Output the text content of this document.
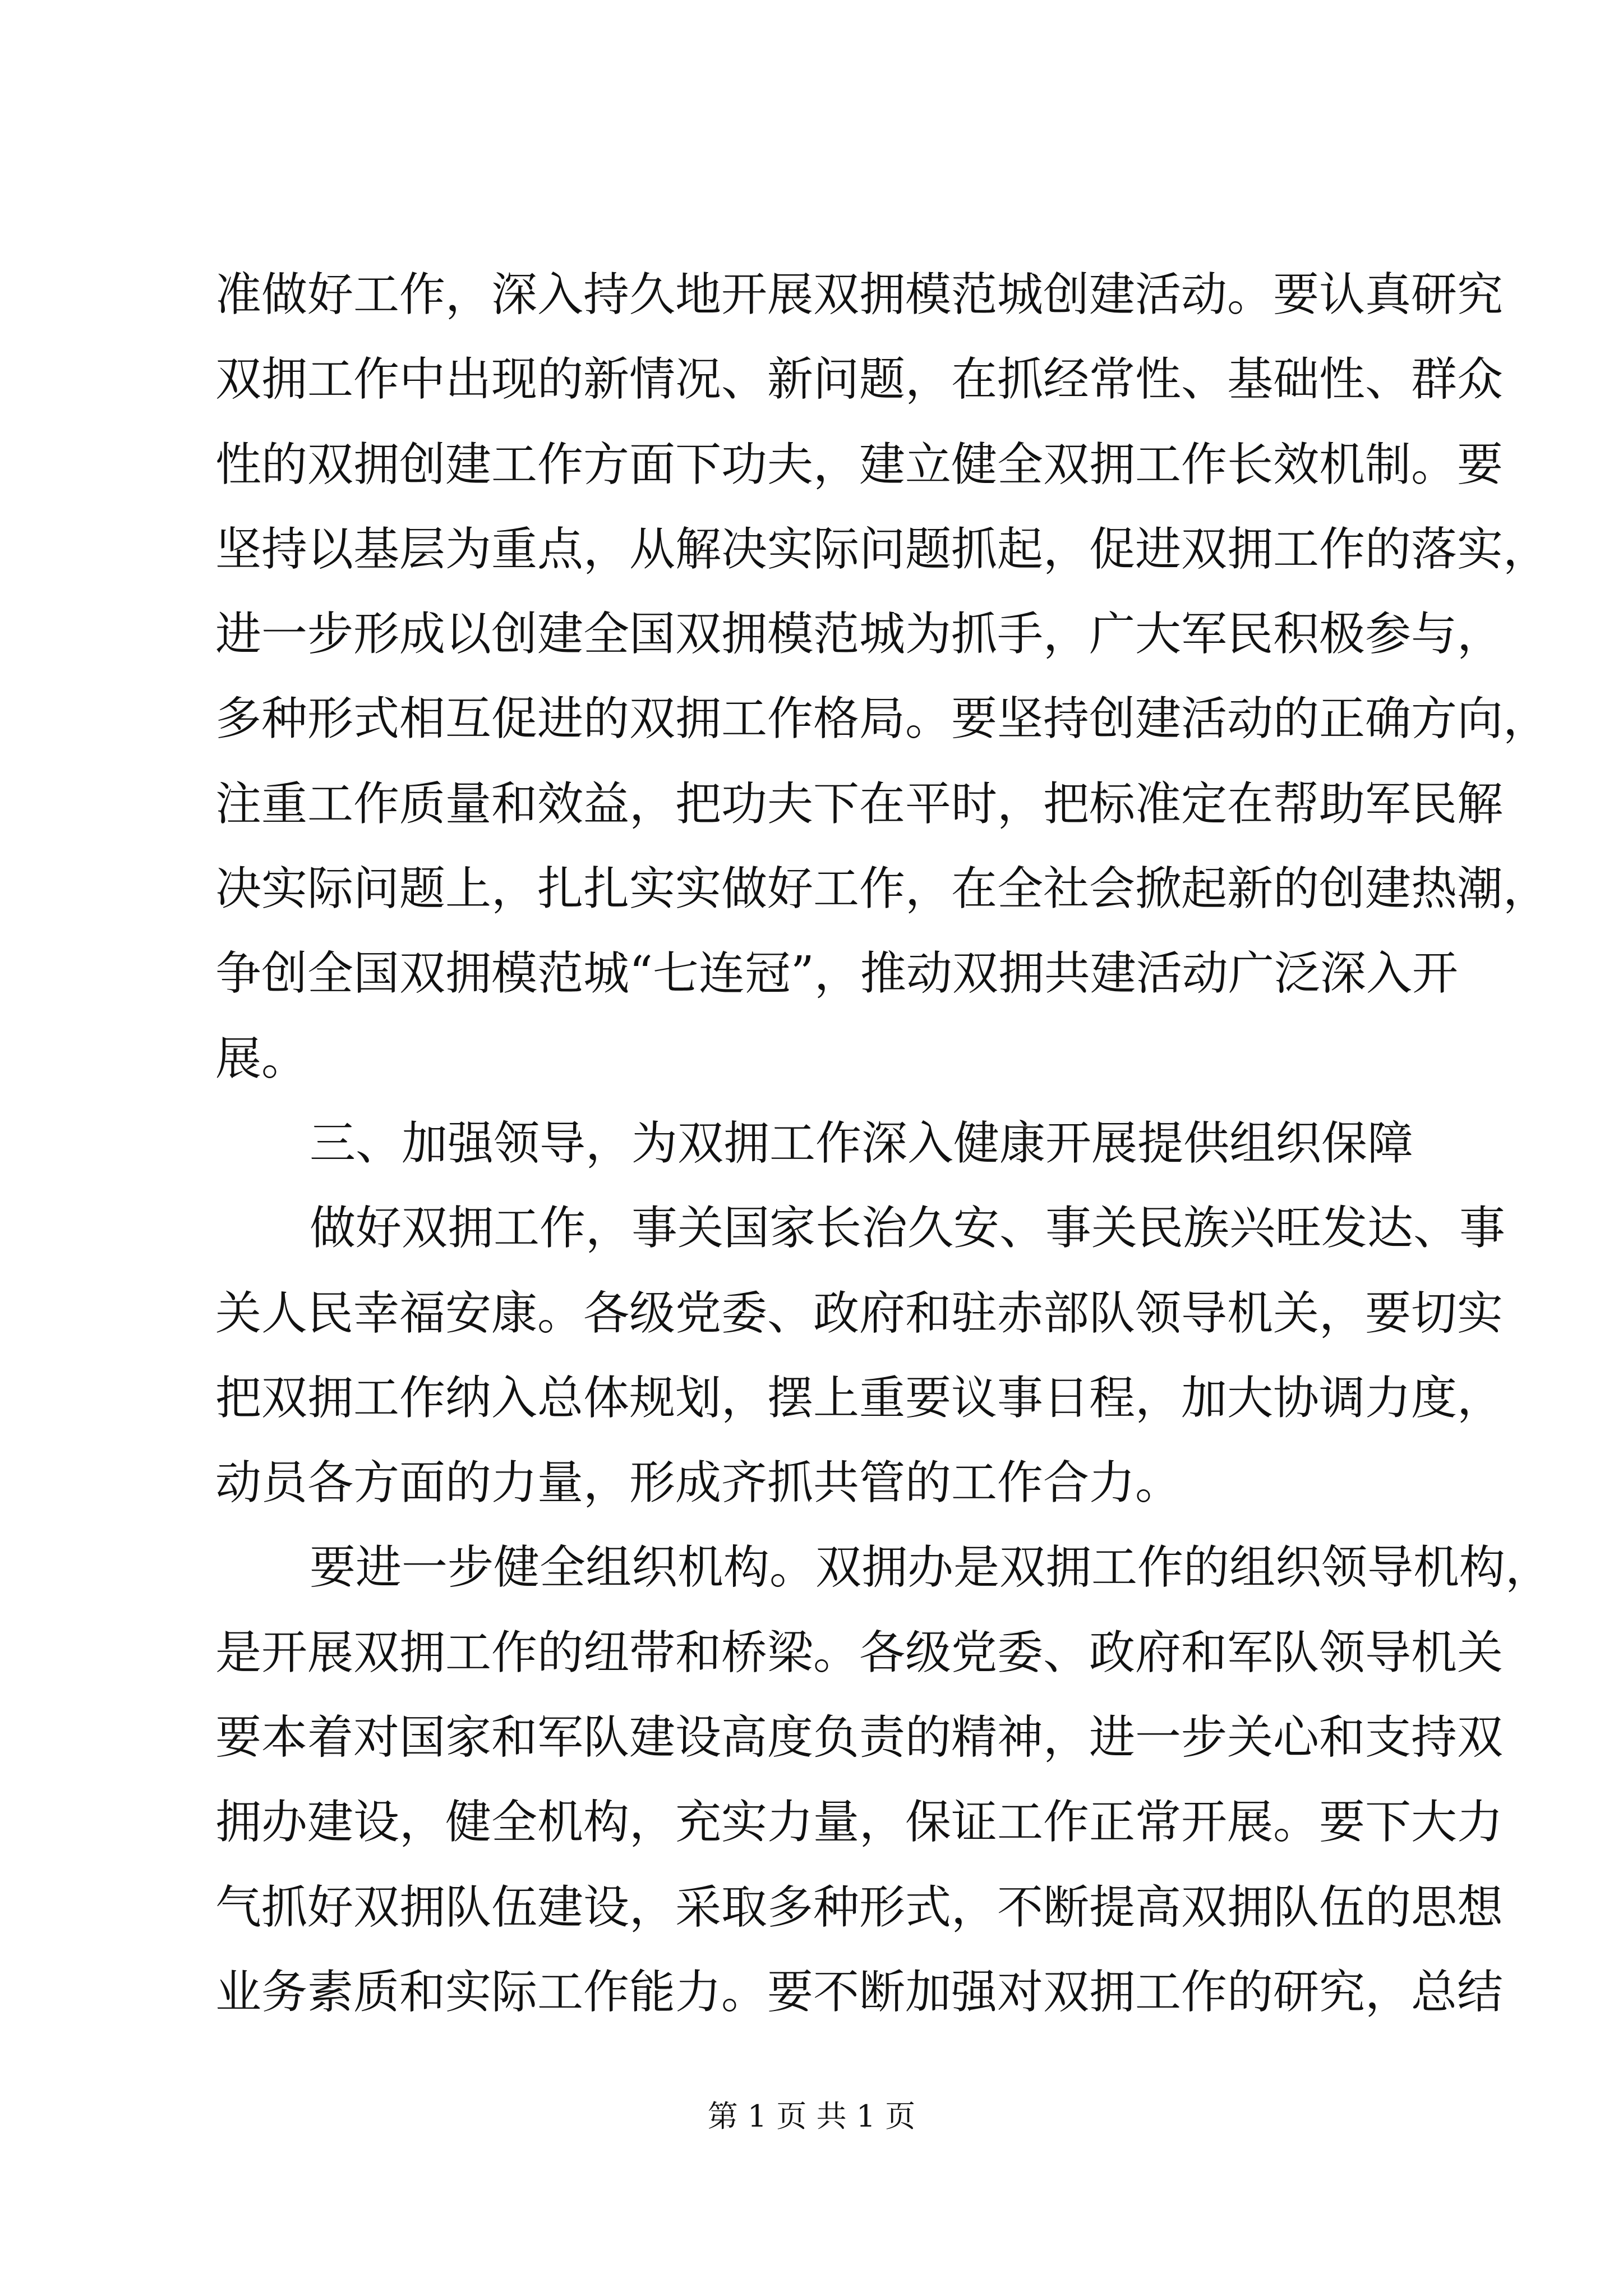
准做好工作，深入持久地开展双拥模范城创建活动。要认真研究
双拥工作中出现的新情况、新问题，在抓经常性、基础性、群众
性的双拥创建工作方面下功夫，建立健全双拥工作长效机制。要
坚持以基层为重点，从解决实际问题抓起，促进双拥工作的落实，
进一步形成以创建全国双拥模范城为抓手，广大军民积极参与，
多种形式相互促进的双拥工作格局。要坚持创建活动的正确方向，
注重工作质量和效益，把功夫下在平时，把标准定在帮助军民解
决实际问题上，扎扎实实做好工作，在全社会掀起新的创建热潮，
争创全国双拥模范城“七连冠”，推动双拥共建活动广泛深入开
展。
三、加强领导，为双拥工作深入健康开展提供组织保障
做好双拥工作，事关国家长治久安、事关民族兴旺发达、事
关人民幸福安康。各级党委、政府和驻赤部队领导机关，要切实
把双拥工作纳入总体规划，摆上重要议事日程，加大协调力度，
动员各方面的力量，形成齐抓共管的工作合力。
要进一步健全组织机构。双拥办是双拥工作的组织领导机构，
是开展双拥工作的纽带和桥梁。各级党委、政府和军队领导机关
要本着对国家和军队建设高度负责的精神，进一步关心和支持双
拥办建设，健全机构，充实力量，保证工作正常开展。要下大力
气抓好双拥队伍建设，采取多种形式，不断提高双拥队伍的思想
业务素质和实际工作能力。要不断加强对双拥工作的研究，总结
第 1 页 共 1 页
